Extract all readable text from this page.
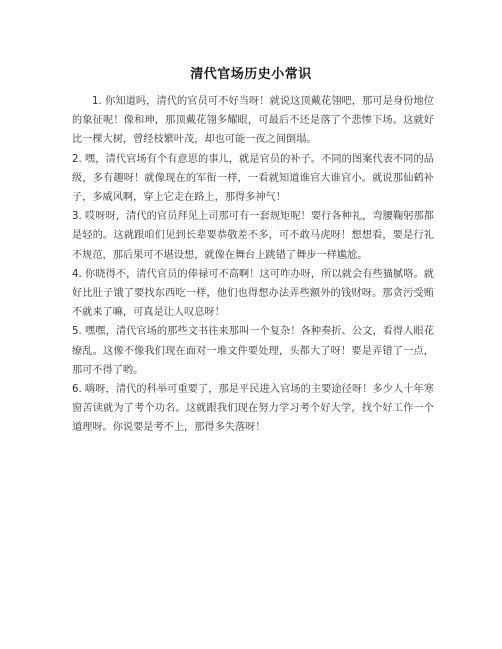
清代官场历史小常识

1. 你知道吗，清代的官员可不好当呀！就说这顶戴花翎吧，那可是身份地位的象征呢！像和珅，那顶戴花翎多耀眼，可最后不还是落了个悲惨下场。这就好比一棵大树，曾经枝繁叶茂，却也可能一夜之间倒塌。

2. 嘿，清代官场有个有意思的事儿，就是官员的补子。不同的图案代表不同的品级，多有趣呀！就像现在的军衔一样，一看就知道谁官大谁官小。就说那仙鹤补子，多威风啊，穿上它走在路上，那得多神气！

3. 哎呀呀，清代的官员拜见上司那可有一套规矩呢！要行各种礼，弯腰鞠躬那都是轻的。这就跟咱们见到长辈要恭敬差不多，可不敢马虎呀！想想看，要是行礼不规范，那后果可不堪设想，就像在舞台上跳错了舞步一样尴尬。

4. 你晓得不，清代官员的俸禄可不高啊！这可咋办呀，所以就会有些猫腻咯。就好比肚子饿了要找东西吃一样，他们也得想办法弄些额外的钱财呀。那贪污受贿不就来了嘛，可真是让人叹息呀！

5. 嘿嘿，清代官场的那些文书往来那叫一个复杂！各种奏折、公文，看得人眼花缭乱。这像不像我们现在面对一堆文件要处理，头都大了呀！要是弄错了一点，那可不得了哟。

6. 嗨呀，清代的科举可重要了，那是平民进入官场的主要途径呀！多少人十年寒窗苦读就为了考个功名。这就跟我们现在努力学习考个好大学，找个好工作一个道理呀。你说要是考不上，那得多失落呀！
